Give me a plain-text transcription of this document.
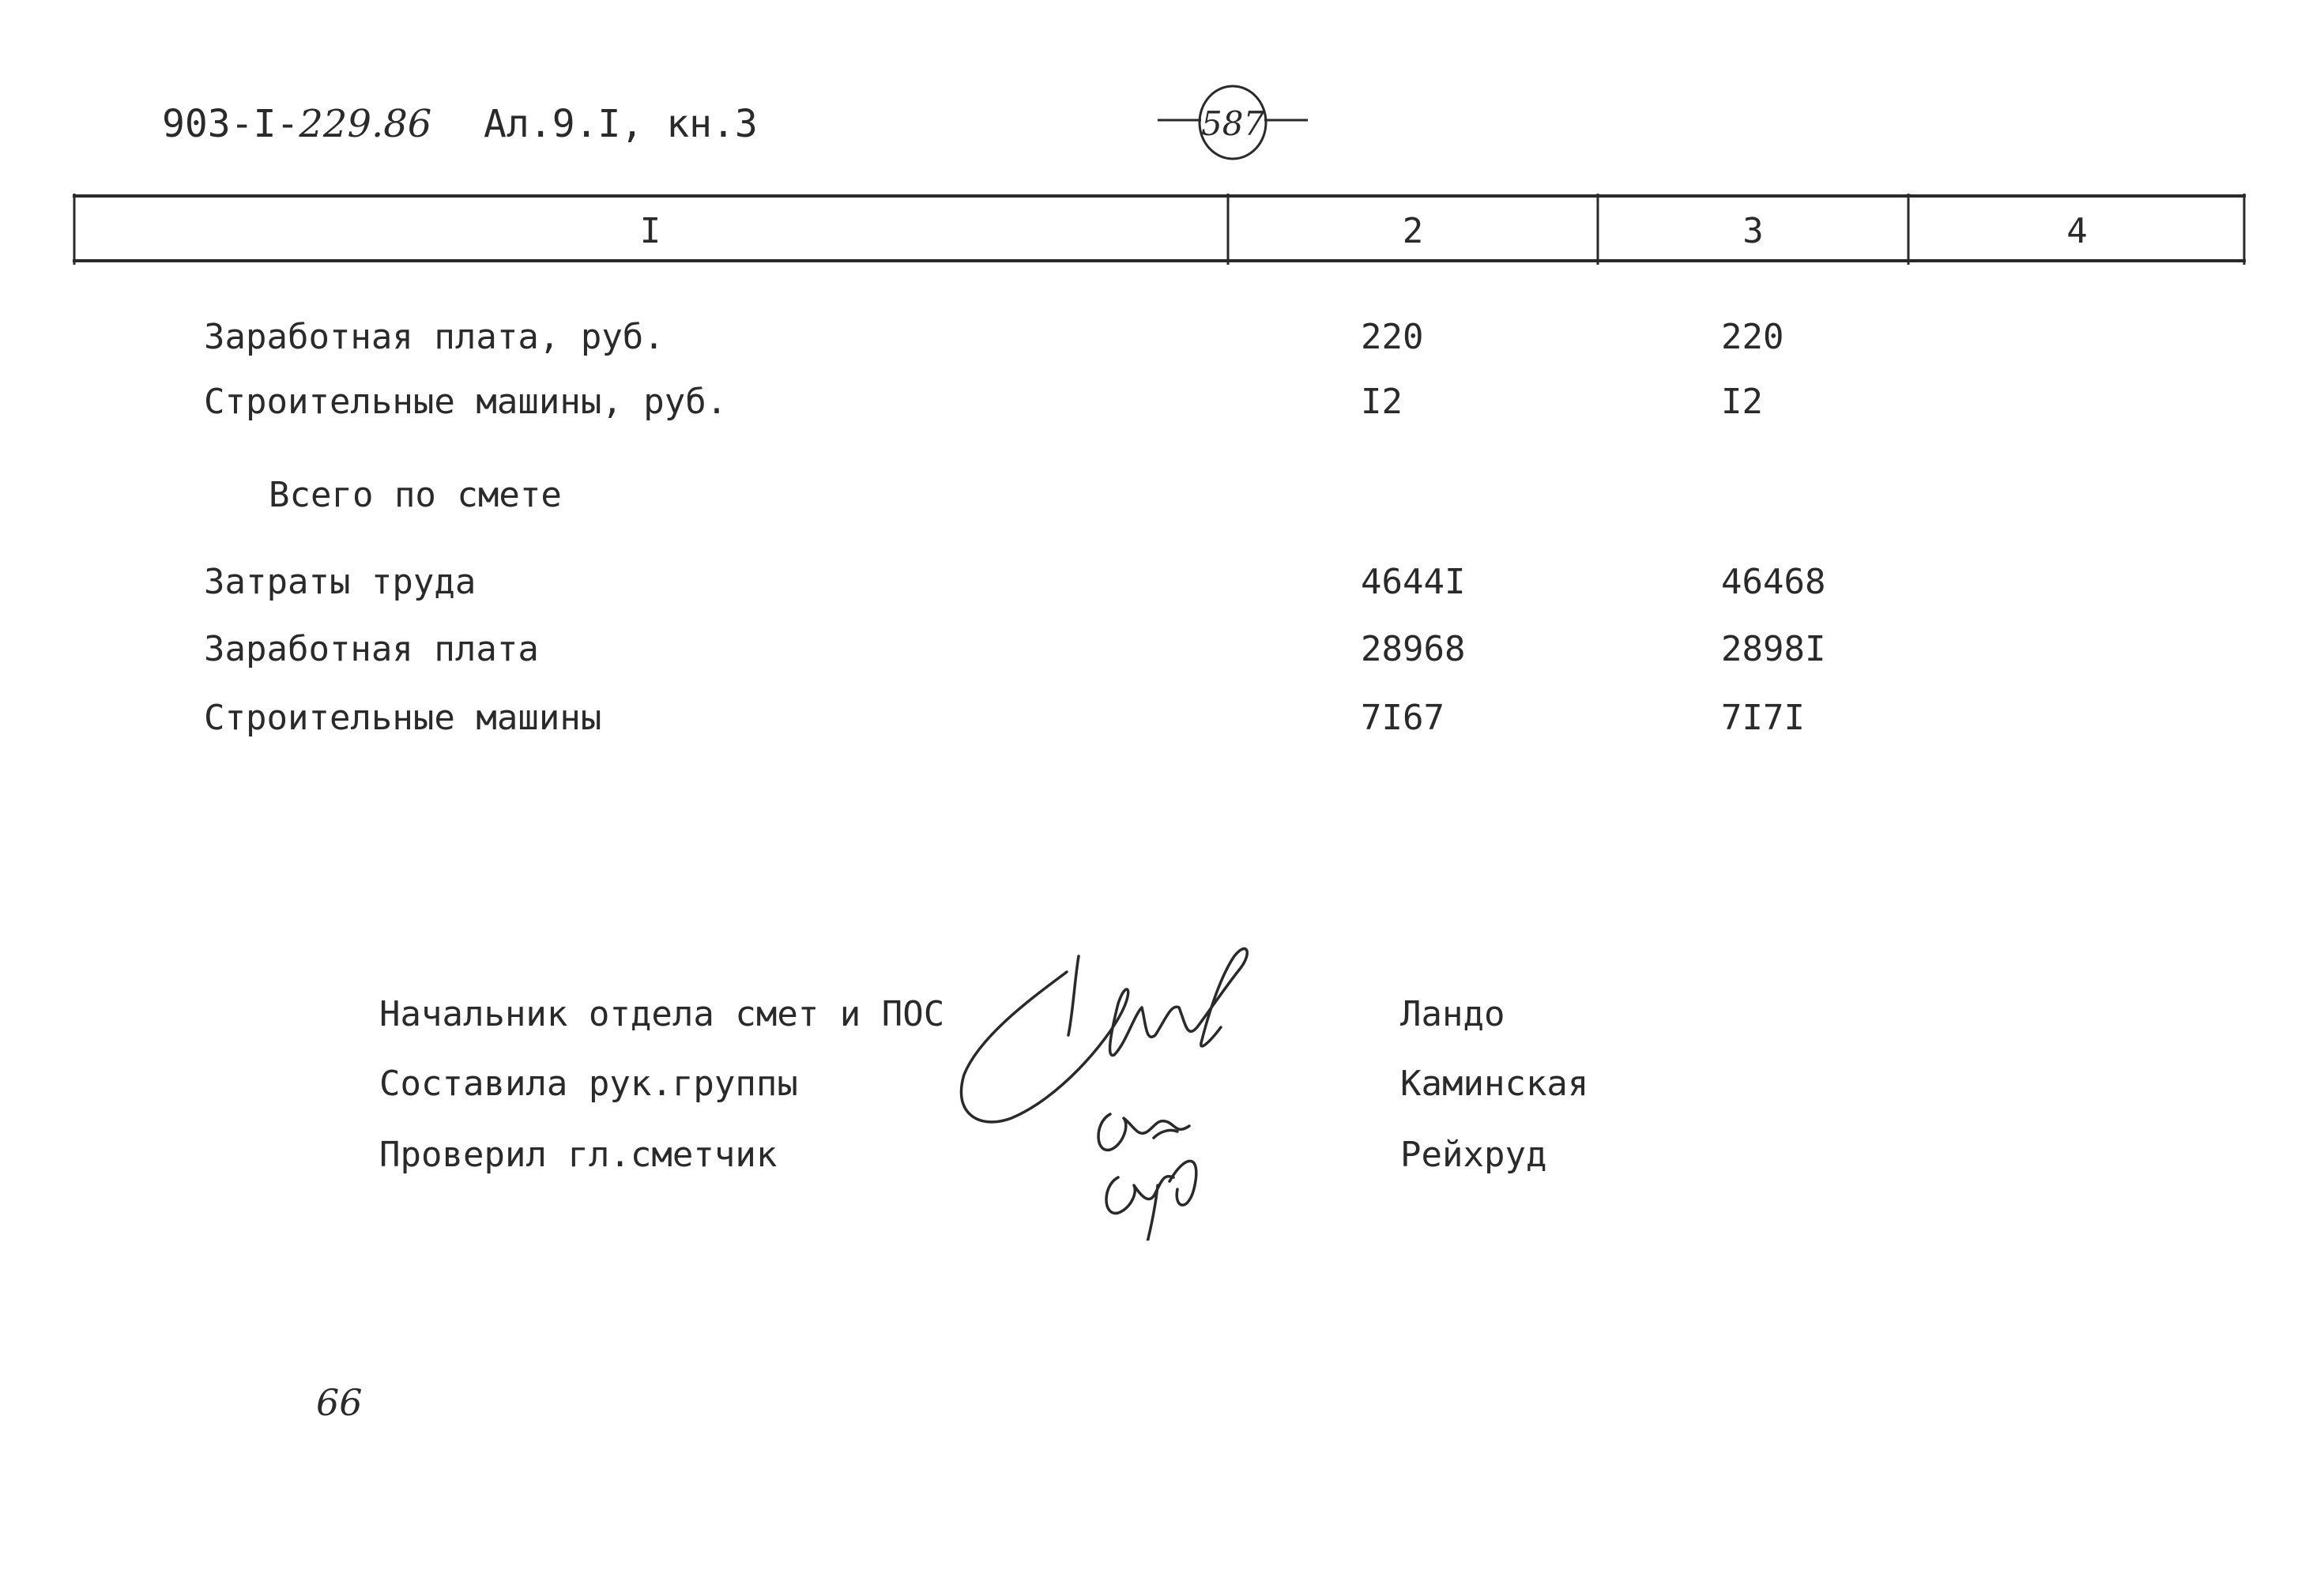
903-I-229.86 Ал.9.I, кн.3	587
I	2	3	4
Заработная плата, руб.	220	220
Строительные машины, руб.	I2	I2
Всего по смете
Затраты труда	4644I	46468
Заработная плата	28968	2898I
Строительные машины	7I67	7I7I
Начальник отдела смет и ПОС	Ландо
Составила рук.группы	Каминская
Проверил гл.сметчик	Рейхруд
66
